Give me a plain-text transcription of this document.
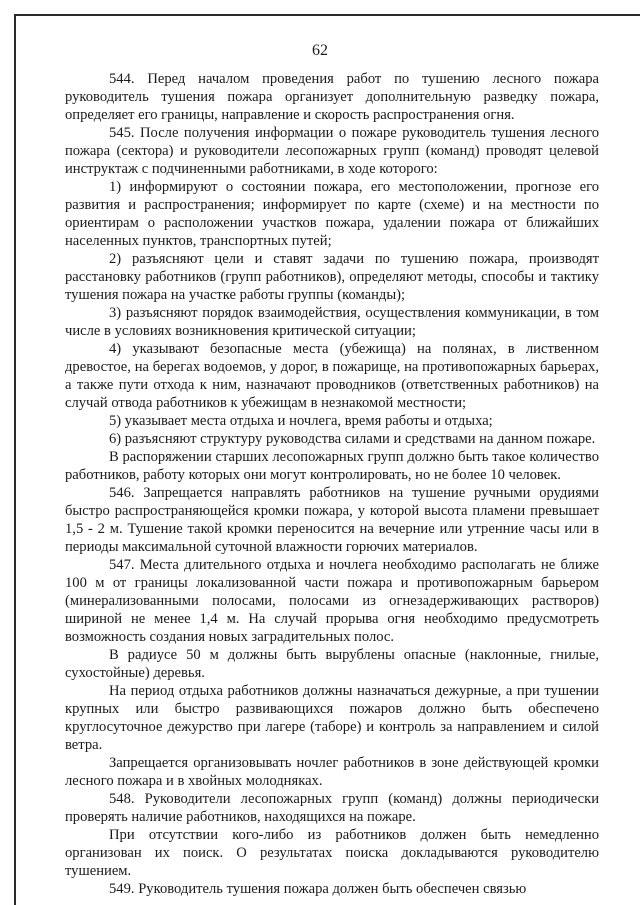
62

544. Перед началом проведения работ по тушению лесного пожара руководитель тушения пожара организует дополнительную разведку пожара, определяет его границы, направление и скорость распространения огня.

545. После получения информации о пожаре руководитель тушения лесного пожара (сектора) и руководители лесопожарных групп (команд) проводят целевой инструктаж с подчиненными работниками, в ходе которого:

1) информируют о состоянии пожара, его местоположении, прогнозе его развития и распространения; информирует по карте (схеме) и на местности по ориентирам о расположении участков пожара, удалении пожара от ближайших населенных пунктов, транспортных путей;

2) разъясняют цели и ставят задачи по тушению пожара, производят расстановку работников (групп работников), определяют методы, способы и тактику тушения пожара на участке работы группы (команды);

3) разъясняют порядок взаимодействия, осуществления коммуникации, в том числе в условиях возникновения критической ситуации;

4) указывают безопасные места (убежища) на полянах, в лиственном древостое, на берегах водоемов, у дорог, в пожарище, на противопожарных барьерах, а также пути отхода к ним, назначают проводников (ответственных работников) на случай отвода работников к убежищам в незнакомой местности;

5) указывает места отдыха и ночлега, время работы и отдыха;

6) разъясняют структуру руководства силами и средствами на данном пожаре.

В распоряжении старших лесопожарных групп должно быть такое количество работников, работу которых они могут контролировать, но не более 10 человек.

546. Запрещается направлять работников на тушение ручными орудиями быстро распространяющейся кромки пожара, у которой высота пламени превышает 1,5 - 2 м. Тушение такой кромки переносится на вечерние или утренние часы или в периоды максимальной суточной влажности горючих материалов.

547. Места длительного отдыха и ночлега необходимо располагать не ближе 100 м от границы локализованной части пожара и противопожарным барьером (минерализованными полосами, полосами из огнезадерживающих растворов) шириной не менее 1,4 м. На случай прорыва огня необходимо предусмотреть возможность создания новых заградительных полос.

В радиусе 50 м должны быть вырублены опасные (наклонные, гнилые, сухостойные) деревья.

На период отдыха работников должны назначаться дежурные, а при тушении крупных или быстро развивающихся пожаров должно быть обеспечено круглосуточное дежурство при лагере (таборе) и контроль за направлением и силой ветра.

Запрещается организовывать ночлег работников в зоне действующей кромки лесного пожара и в хвойных молодняках.

548. Руководители лесопожарных групп (команд) должны периодически проверять наличие работников, находящихся на пожаре.

При отсутствии кого-либо из работников должен быть немедленно организован их поиск. О результатах поиска докладываются руководителю тушением.

549. Руководитель тушения пожара должен быть обеспечен связью
